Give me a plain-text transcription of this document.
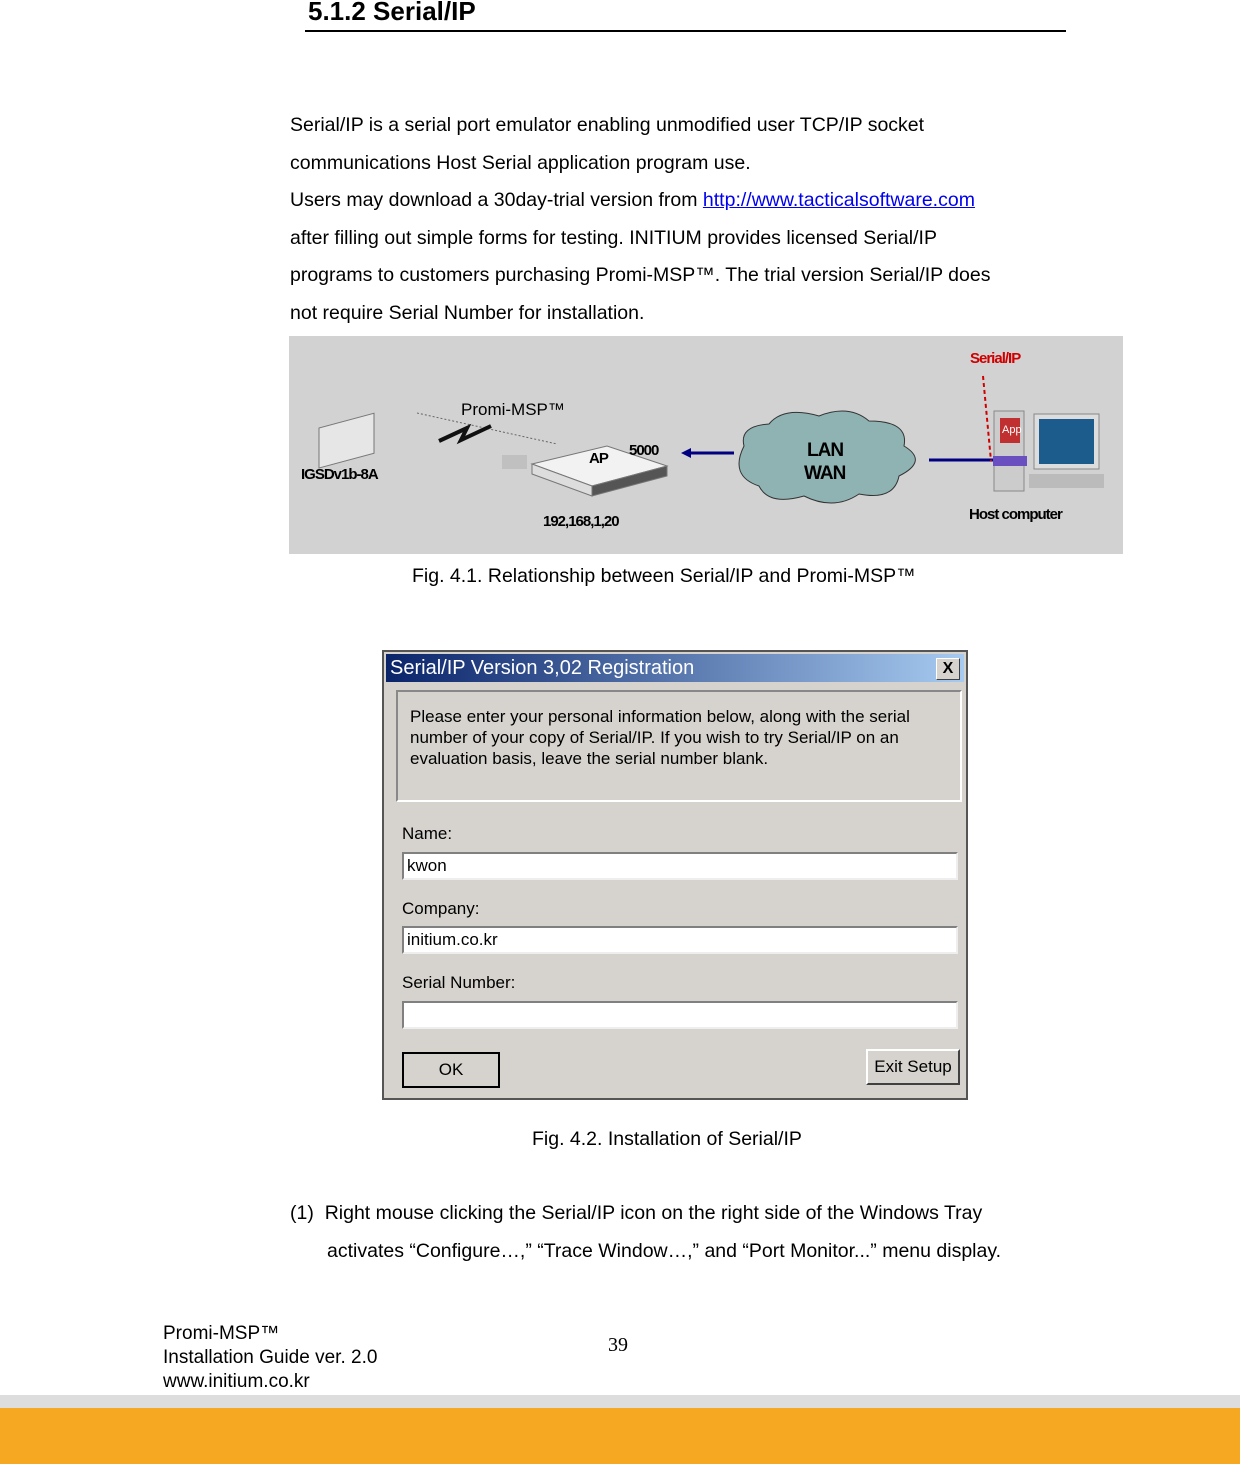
5.1.2 Serial/IP
Serial/IP is a serial port emulator enabling unmodified user TCP/IP socket
communications Host Serial application program use.
Users may download a 30day-trial version from http://www.tacticalsoftware.com
after filling out simple forms for testing. INITIUM provides licensed Serial/IP
programs to customers purchasing Promi-MSP™. The trial version Serial/IP does
not require Serial Number for installation.
IGSDv1b-8A
Promi-MSP™
AP 5000
192,168,1,20
LAN
WAN
Serial/IP
App
Host computer
Fig. 4.1. Relationship between Serial/IP and Promi-MSP™
Serial/IP Version 3,02 Registration	X
Please enter your personal information below, along with the serial number of your copy of Serial/IP. If you wish to try Serial/IP on an evaluation basis, leave the serial number blank.
Name:
kwon
Company:
initium.co.kr
Serial Number:
OK	Exit Setup
Fig. 4.2. Installation of Serial/IP
(1) Right mouse clicking the Serial/IP icon on the right side of the Windows Tray
activates “Configure…,” “Trace Window…,” and “Port Monitor...” menu display.
Promi-MSP™
Installation Guide ver. 2.0
www.initium.co.kr
39
